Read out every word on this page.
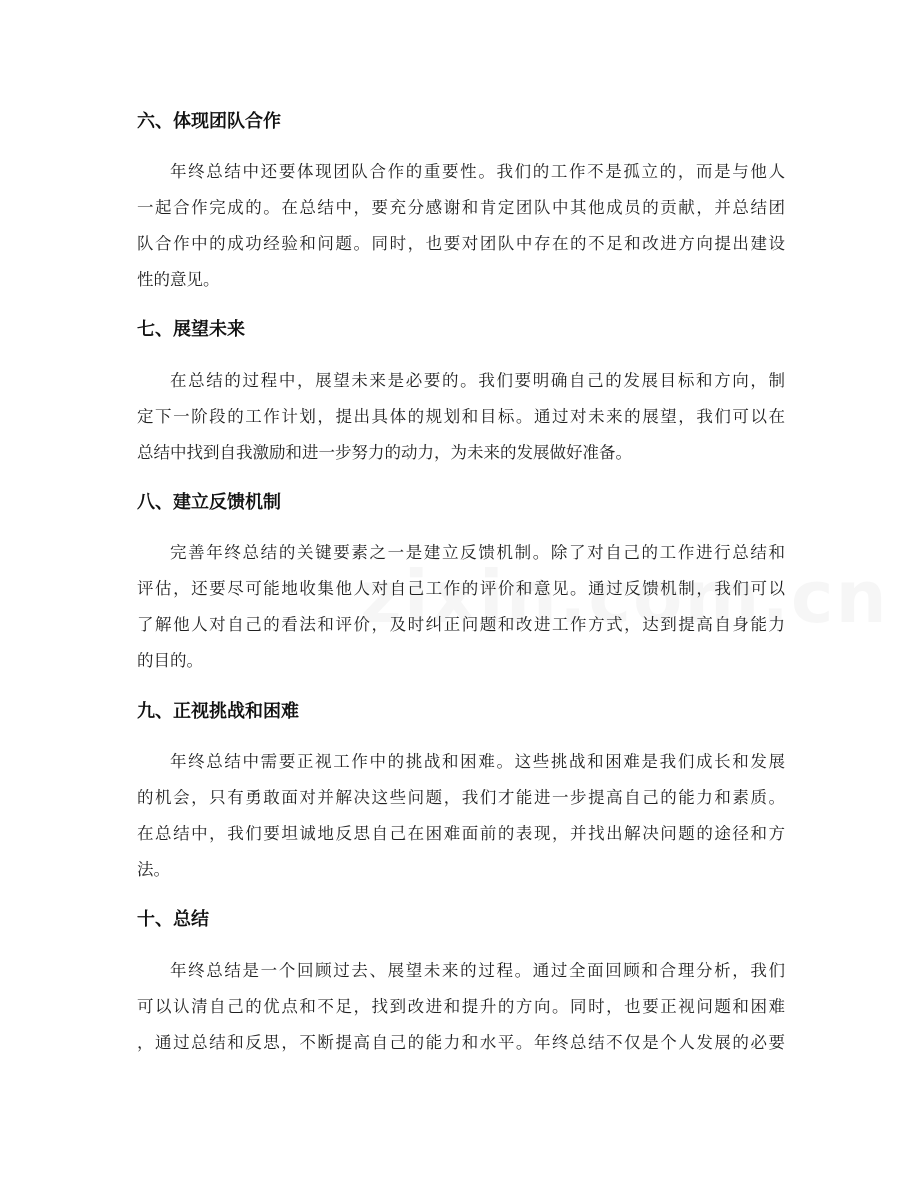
六、体现团队合作
年终总结中还要体现团队合作的重要性。我们的工作不是孤立的，而是与他人
一起合作完成的。在总结中，要充分感谢和肯定团队中其他成员的贡献，并总结团
队合作中的成功经验和问题。同时，也要对团队中存在的不足和改进方向提出建设
性的意见。
七、展望未来
在总结的过程中，展望未来是必要的。我们要明确自己的发展目标和方向，制
定下一阶段的工作计划，提出具体的规划和目标。通过对未来的展望，我们可以在
总结中找到自我激励和进一步努力的动力，为未来的发展做好准备。
八、建立反馈机制
完善年终总结的关键要素之一是建立反馈机制。除了对自己的工作进行总结和
评估，还要尽可能地收集他人对自己工作的评价和意见。通过反馈机制，我们可以
了解他人对自己的看法和评价，及时纠正问题和改进工作方式，达到提高自身能力
的目的。
九、正视挑战和困难
年终总结中需要正视工作中的挑战和困难。这些挑战和困难是我们成长和发展
的机会，只有勇敢面对并解决这些问题，我们才能进一步提高自己的能力和素质。
在总结中，我们要坦诚地反思自己在困难面前的表现，并找出解决问题的途径和方
法。
十、总结
年终总结是一个回顾过去、展望未来的过程。通过全面回顾和合理分析，我们
可以认清自己的优点和不足，找到改进和提升的方向。同时，也要正视问题和困难
，通过总结和反思，不断提高自己的能力和水平。年终总结不仅是个人发展的必要
